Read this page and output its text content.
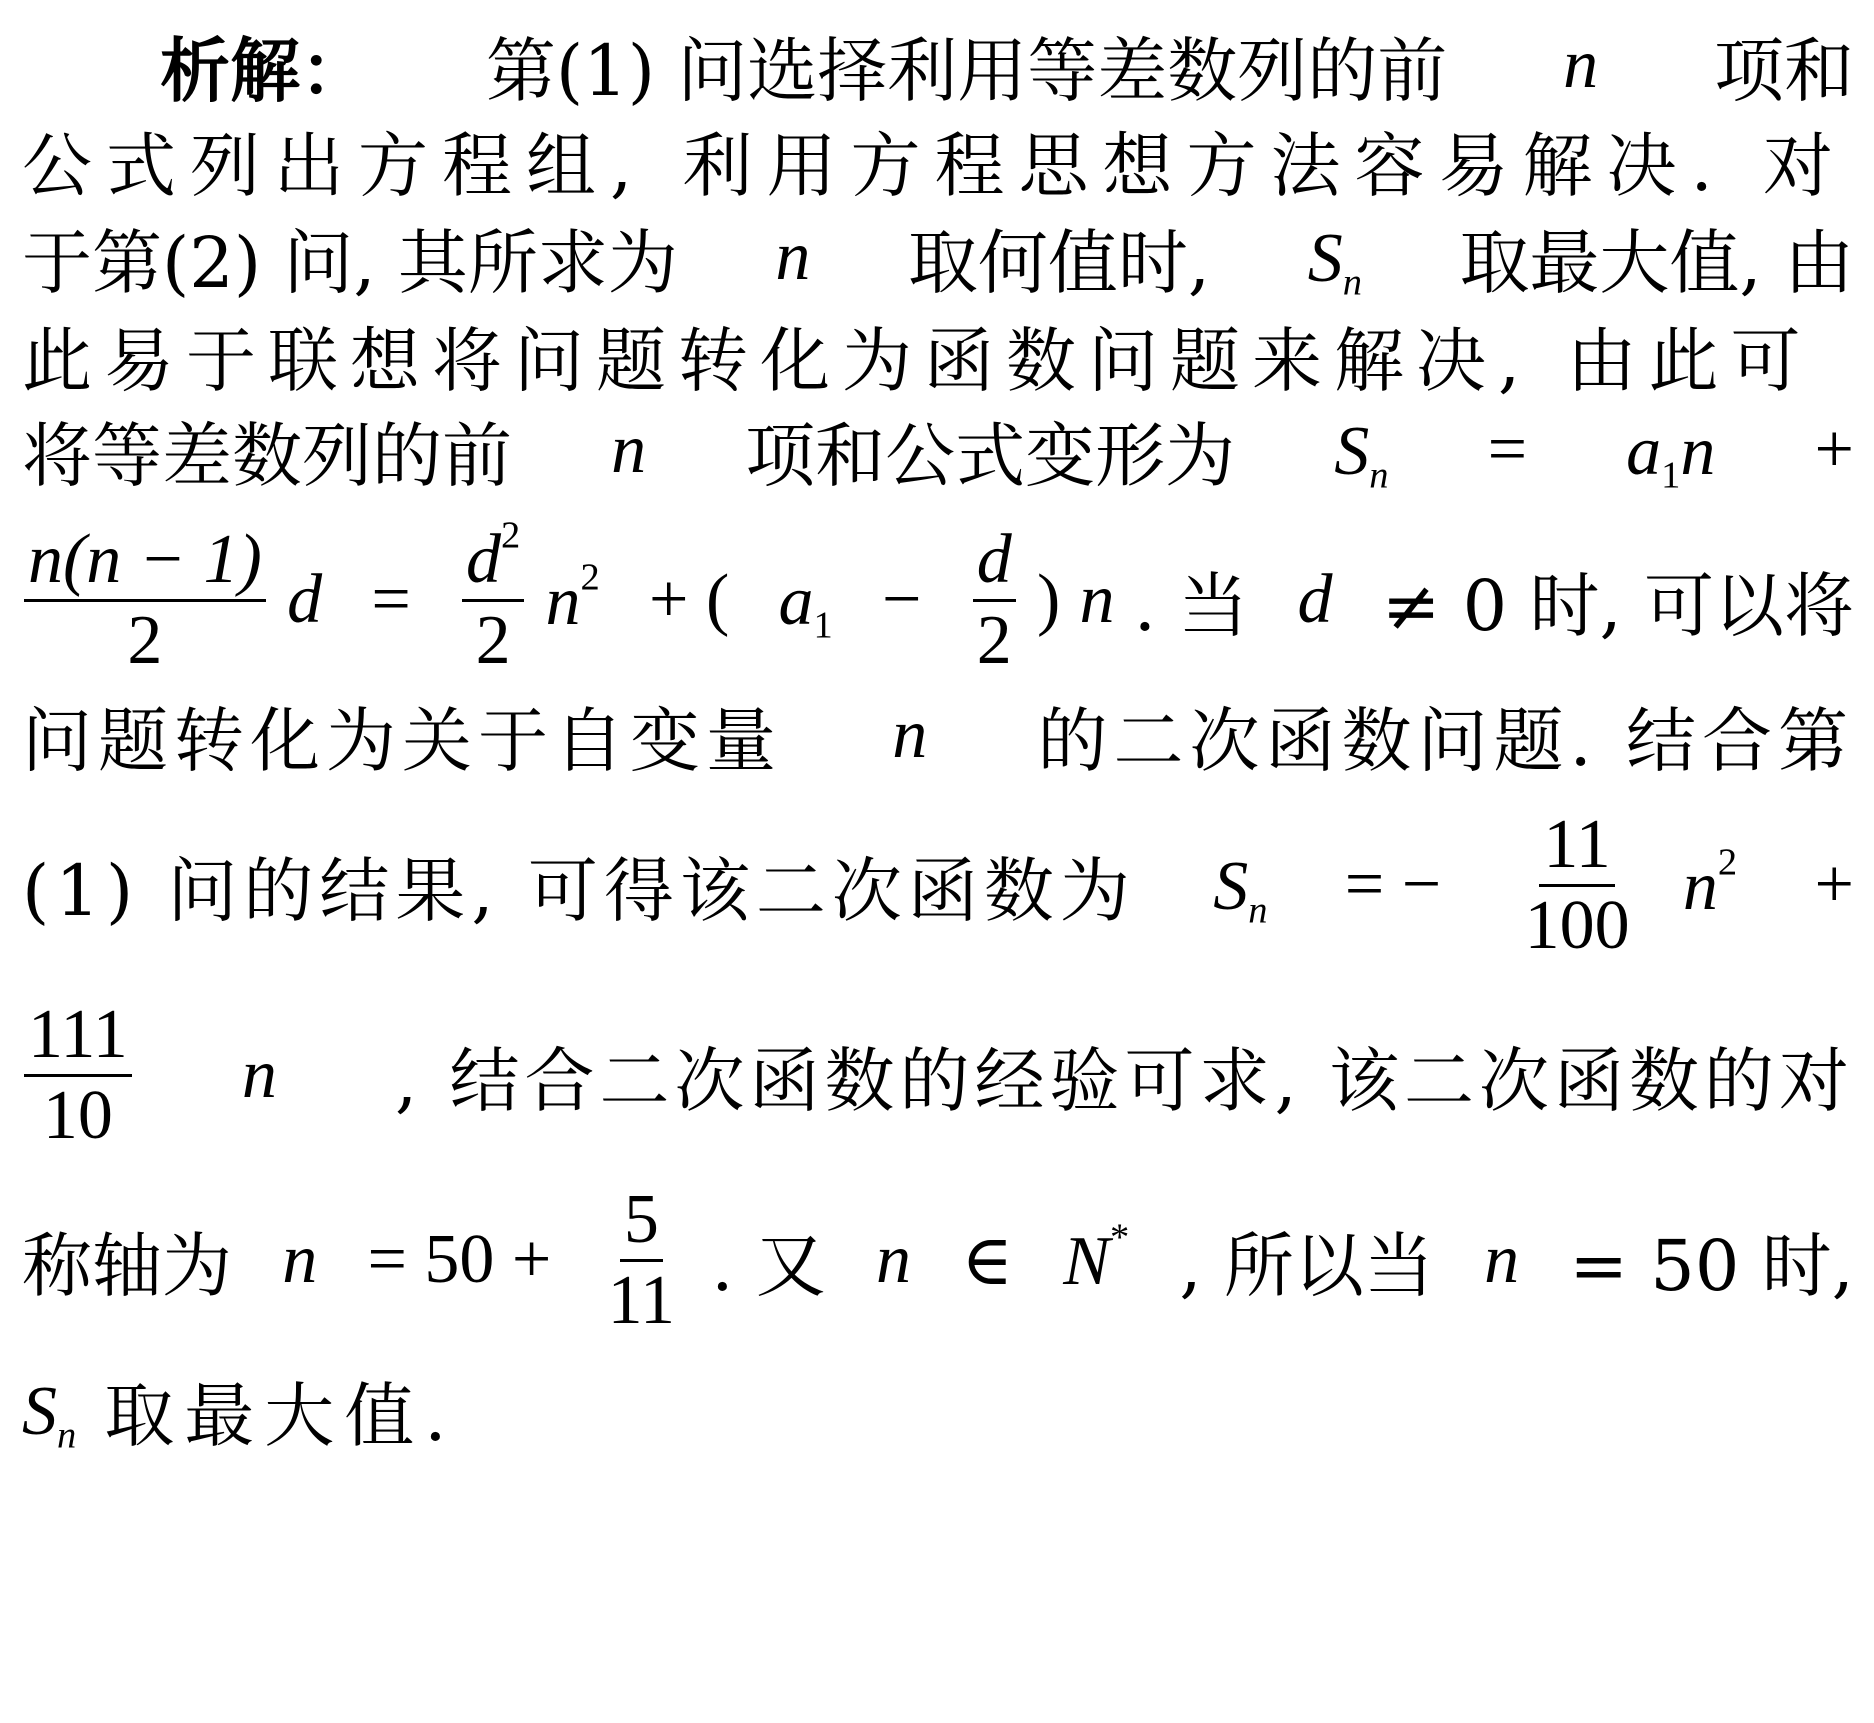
析解： 第(1) 问选择利用等差数列的前 n 项和
公式列出方程组, 利用方程思想方法容易解决. 对
于第(2) 问, 其所求为 n 取何值时, $S_n$ 取最大值, 由
此易于联想将问题转化为函数问题来解决, 由此可
将等差数列的前 n 项和公式变形为 $S_n = a_1n$ +
$\frac{n(n - 1)}{2}$ $d = \frac{d^2}{2} n^2$ + ( $a_1 - \frac{d}{2}$ ) n . 当 d ≠ 0 时, 可以将
问题转化为关于自变量 n 的二次函数问题. 结合第
(1) 问的结果, 可得该二次函数为 $S_n$ = − $\frac{11}{100} n^2$ +
$\frac{111}{10}$ n , 结合二次函数的经验可求, 该二次函数的对
称轴为 $n = 50 + \frac{5}{11}$ . 又 n ∈ N* , 所以当 n = 50 时,
$S_n$ 取最大值.
